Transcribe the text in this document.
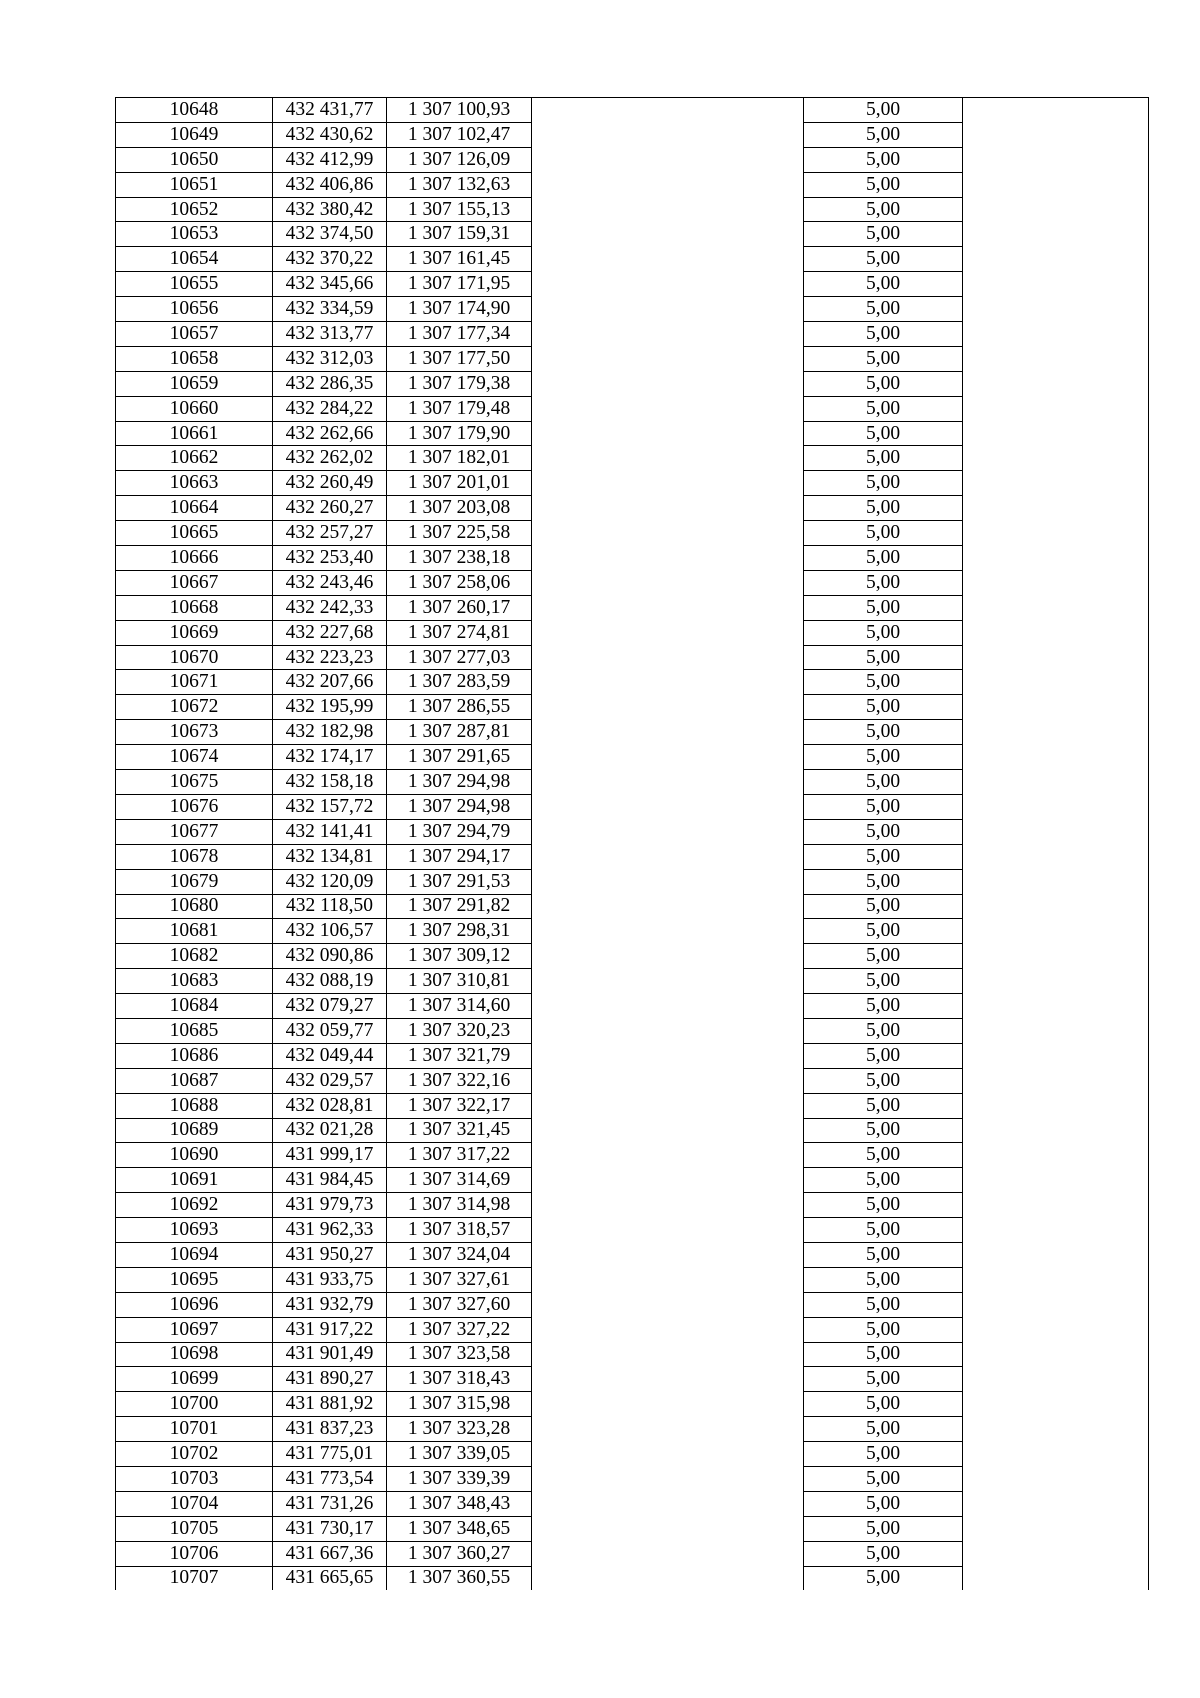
10648	432 431,77	1 307 100,93		5,00	
10649	432 430,62	1 307 102,47		5,00	
10650	432 412,99	1 307 126,09		5,00	
10651	432 406,86	1 307 132,63		5,00	
10652	432 380,42	1 307 155,13		5,00	
10653	432 374,50	1 307 159,31		5,00	
10654	432 370,22	1 307 161,45		5,00	
10655	432 345,66	1 307 171,95		5,00	
10656	432 334,59	1 307 174,90		5,00	
10657	432 313,77	1 307 177,34		5,00	
10658	432 312,03	1 307 177,50		5,00	
10659	432 286,35	1 307 179,38		5,00	
10660	432 284,22	1 307 179,48		5,00	
10661	432 262,66	1 307 179,90		5,00	
10662	432 262,02	1 307 182,01		5,00	
10663	432 260,49	1 307 201,01		5,00	
10664	432 260,27	1 307 203,08		5,00	
10665	432 257,27	1 307 225,58		5,00	
10666	432 253,40	1 307 238,18		5,00	
10667	432 243,46	1 307 258,06		5,00	
10668	432 242,33	1 307 260,17		5,00	
10669	432 227,68	1 307 274,81		5,00	
10670	432 223,23	1 307 277,03		5,00	
10671	432 207,66	1 307 283,59		5,00	
10672	432 195,99	1 307 286,55		5,00	
10673	432 182,98	1 307 287,81		5,00	
10674	432 174,17	1 307 291,65		5,00	
10675	432 158,18	1 307 294,98		5,00	
10676	432 157,72	1 307 294,98		5,00	
10677	432 141,41	1 307 294,79		5,00	
10678	432 134,81	1 307 294,17		5,00	
10679	432 120,09	1 307 291,53		5,00	
10680	432 118,50	1 307 291,82		5,00	
10681	432 106,57	1 307 298,31		5,00	
10682	432 090,86	1 307 309,12		5,00	
10683	432 088,19	1 307 310,81		5,00	
10684	432 079,27	1 307 314,60		5,00	
10685	432 059,77	1 307 320,23		5,00	
10686	432 049,44	1 307 321,79		5,00	
10687	432 029,57	1 307 322,16		5,00	
10688	432 028,81	1 307 322,17		5,00	
10689	432 021,28	1 307 321,45		5,00	
10690	431 999,17	1 307 317,22		5,00	
10691	431 984,45	1 307 314,69		5,00	
10692	431 979,73	1 307 314,98		5,00	
10693	431 962,33	1 307 318,57		5,00	
10694	431 950,27	1 307 324,04		5,00	
10695	431 933,75	1 307 327,61		5,00	
10696	431 932,79	1 307 327,60		5,00	
10697	431 917,22	1 307 327,22		5,00	
10698	431 901,49	1 307 323,58		5,00	
10699	431 890,27	1 307 318,43		5,00	
10700	431 881,92	1 307 315,98		5,00	
10701	431 837,23	1 307 323,28		5,00	
10702	431 775,01	1 307 339,05		5,00	
10703	431 773,54	1 307 339,39		5,00	
10704	431 731,26	1 307 348,43		5,00	
10705	431 730,17	1 307 348,65		5,00	
10706	431 667,36	1 307 360,27		5,00	
10707	431 665,65	1 307 360,55		5,00	
